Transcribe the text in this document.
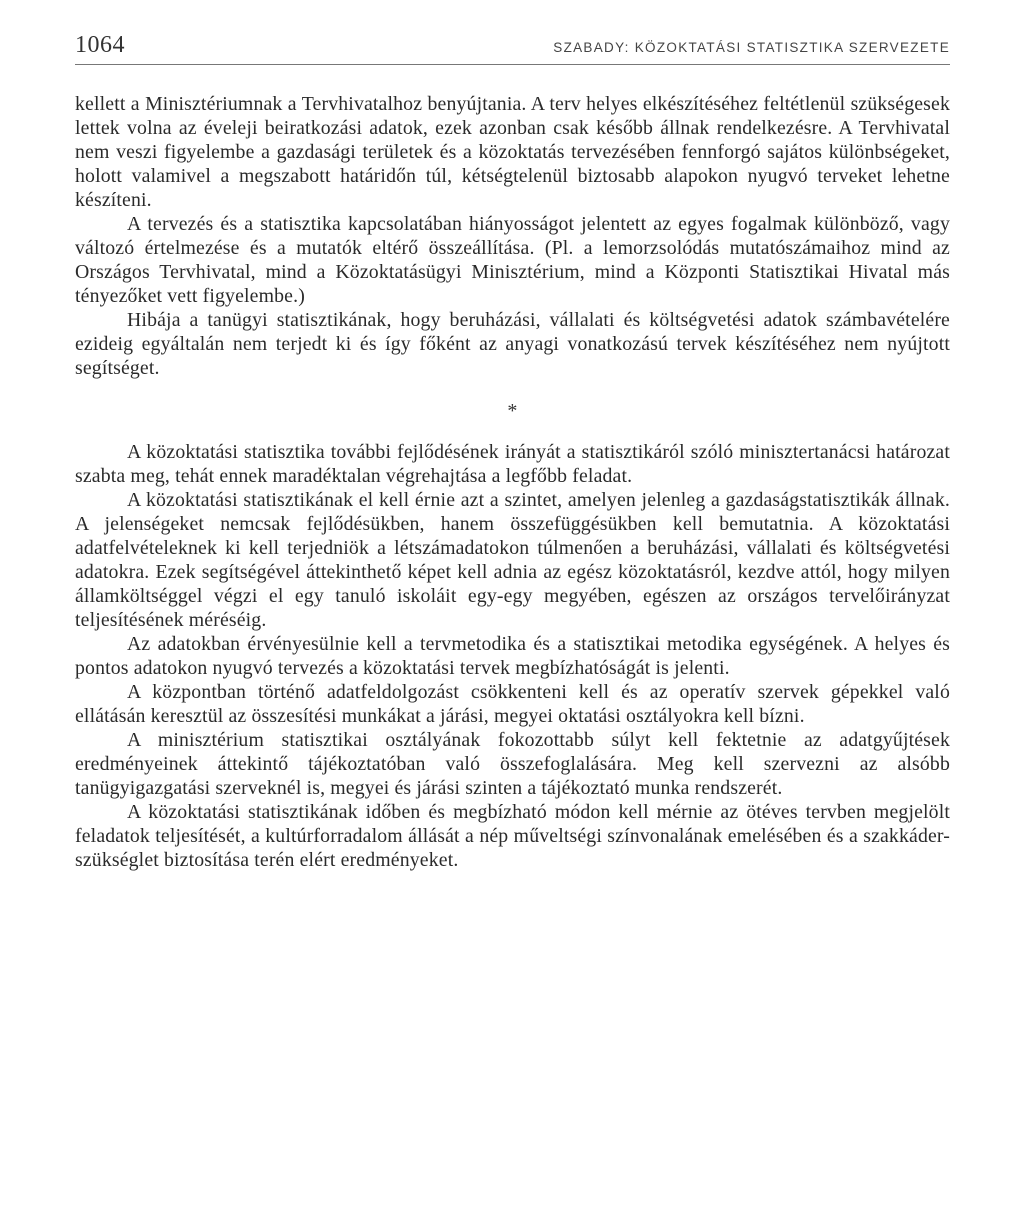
1064	SZABADY: KÖZOKTATÁSI STATISZTIKA SZERVEZETE

kellett a Minisztériumnak a Tervhivatalhoz benyújtania. A terv helyes elkészítéséhez feltétlenül szükségesek lettek volna az éveleji beiratkozási adatok, ezek azonban csak később állnak rendelkezésre. A Tervhivatal nem veszi figyelembe a gazdasági területek és a közoktatás tervezésében fennforgó sajátos különbségeket, holott valamivel a megszabott határidőn túl, kétségtelenül biztosabb alapokon nyugvó terveket lehetne készíteni.

A tervezés és a statisztika kapcsolatában hiányosságot jelentett az egyes fogalmak különböző, vagy változó értelmezése és a mutatók eltérő összeállítása. (Pl. a lemorzsolódás mutatószámaihoz mind az Országos Tervhivatal, mind a Közoktatásügyi Minisztérium, mind a Központi Statisztikai Hivatal más tényezőket vett figyelembe.)

Hibája a tanügyi statisztikának, hogy beruházási, vállalati és költségvetési adatok számbavételére ezideig egyáltalán nem terjedt ki és így főként az anyagi vonatkozású tervek készítéséhez nem nyújtott segítséget.

*

A közoktatási statisztika további fejlődésének irányát a statisztikáról szóló minisztertanácsi határozat szabta meg, tehát ennek maradéktalan végrehajtása a legfőbb feladat.

A közoktatási statisztikának el kell érnie azt a szintet, amelyen jelenleg a gazdaságstatisztikák állnak. A jelenségeket nemcsak fejlődésükben, hanem összefüggésükben kell bemutatnia. A közoktatási adatfelvételeknek ki kell terjedniök a létszámadatokon túlmenően a beruházási, vállalati és költségvetési adatokra. Ezek segítségével áttekinthető képet kell adnia az egész közoktatásról, kezdve attól, hogy milyen államköltséggel végzi el egy tanuló iskoláit egy-egy megyében, egészen az országos tervelőirányzat teljesítésének méréséig.

Az adatokban érvényesülnie kell a tervmetodika és a statisztikai metodika egységének. A helyes és pontos adatokon nyugvó tervezés a közoktatási tervek megbízhatóságát is jelenti.

A központban történő adatfeldolgozást csökkenteni kell és az operatív szervek gépekkel való ellátásán keresztül az összesítési munkákat a járási, megyei oktatási osztályokra kell bízni.

A minisztérium statisztikai osztályának fokozottabb súlyt kell fektetnie az adatgyűjtések eredményeinek áttekintő tájékoztatóban való összefoglalására. Meg kell szervezni az alsóbb tanügyigazgatási szerveknél is, megyei és járási szinten a tájékoztató munka rendszerét.

A közoktatási statisztikának időben és megbízható módon kell mérnie az ötéves tervben megjelölt feladatok teljesítését, a kultúrforradalom állását a nép műveltségi színvonalának emelésében és a szakkáder-szükséglet biztosítása terén elért eredményeket.
